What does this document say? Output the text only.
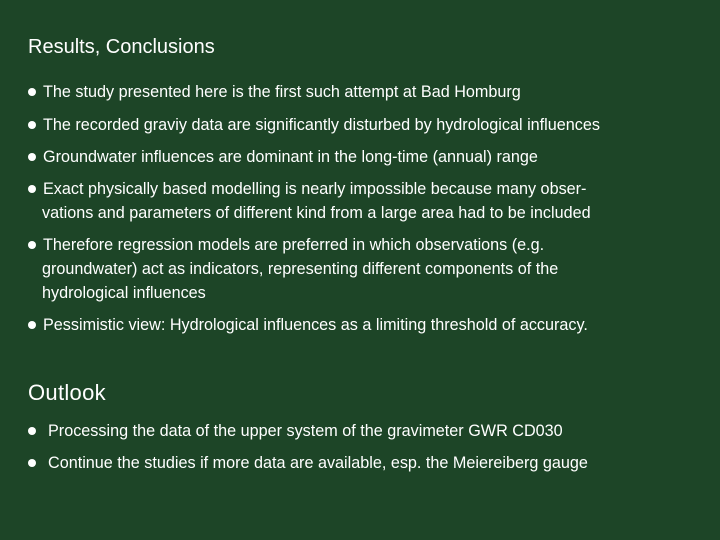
Results, Conclusions
The study presented here is the first such attempt at Bad Homburg
The recorded graviy data are significantly disturbed by hydrological influences
Groundwater influences are dominant in the long-time (annual) range
Exact physically based modelling is nearly impossible because many obser-
vations and parameters of different kind from a large area had to be included
Therefore regression models are preferred in which observations (e.g.
groundwater) act as indicators, representing different components of the
hydrological influences
Pessimistic view: Hydrological influences as a limiting threshold of accuracy.
Outlook
Processing the data of the upper system of the gravimeter GWR CD030
Continue the studies if more data are available, esp. the Meiereiberg gauge
